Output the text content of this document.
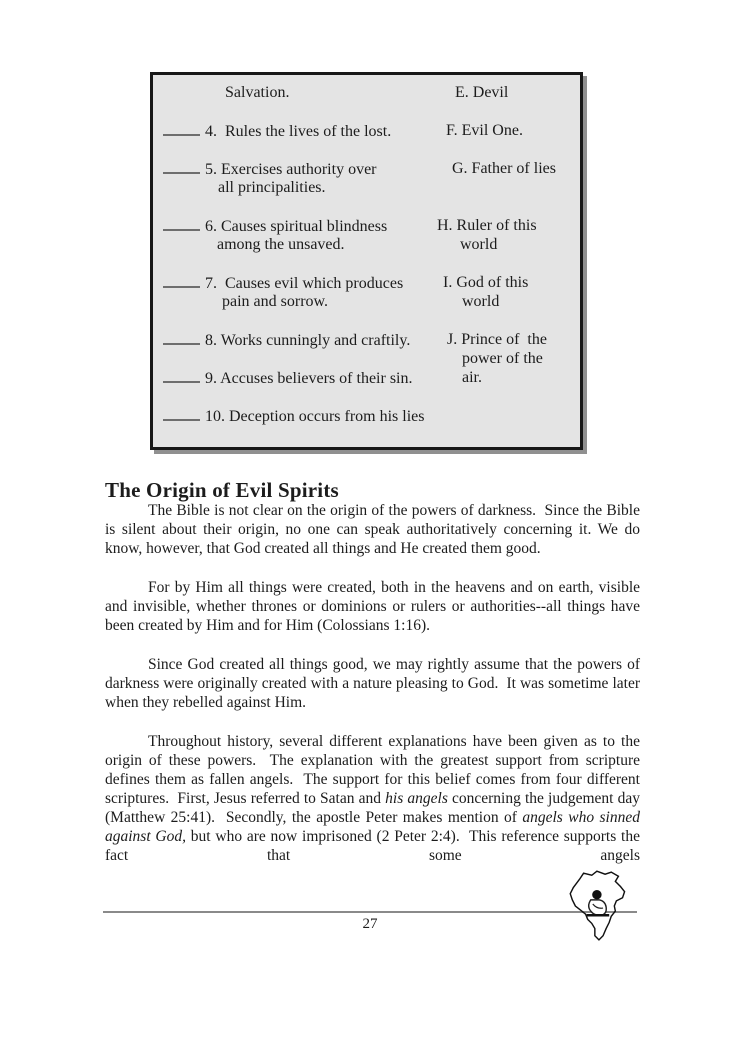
Salvation.
4.  Rules the lives of the lost.
5. Exercises authority over
all principalities.
6. Causes spiritual blindness
among the unsaved.
7.  Causes evil which produces
pain and sorrow.
8. Works cunningly and craftily.
9. Accuses believers of their sin.
10. Deception occurs from his lies
E. Devil
F. Evil One.
G. Father of lies
H. Ruler of this
world
I. God of this
world
J. Prince of  the
power of the
air.
The Origin of Evil Spirits

The Bible is not clear on the origin of the powers of darkness.  Since the Bible is silent about their origin, no one can speak authoritatively concerning it. We do know, however, that God created all things and He created them good.

For by Him all things were created, both in the heavens and on earth, visible and invisible, whether thrones or dominions or rulers or authorities--all things have been created by Him and for Him (Colossians 1:16).

Since God created all things good, we may rightly assume that the powers of darkness were originally created with a nature pleasing to God.  It was sometime later when they rebelled against Him.

Throughout history, several different explanations have been given as to the origin of these powers.  The explanation with the greatest support from scripture defines them as fallen angels.  The support for this belief comes from four different scriptures.  First, Jesus referred to Satan and his angels concerning the judgement day (Matthew 25:41).  Secondly, the apostle Peter makes mention of angels who sinned against God, but who are now imprisoned (2 Peter 2:4).  This reference supports the fact that some angels

27
